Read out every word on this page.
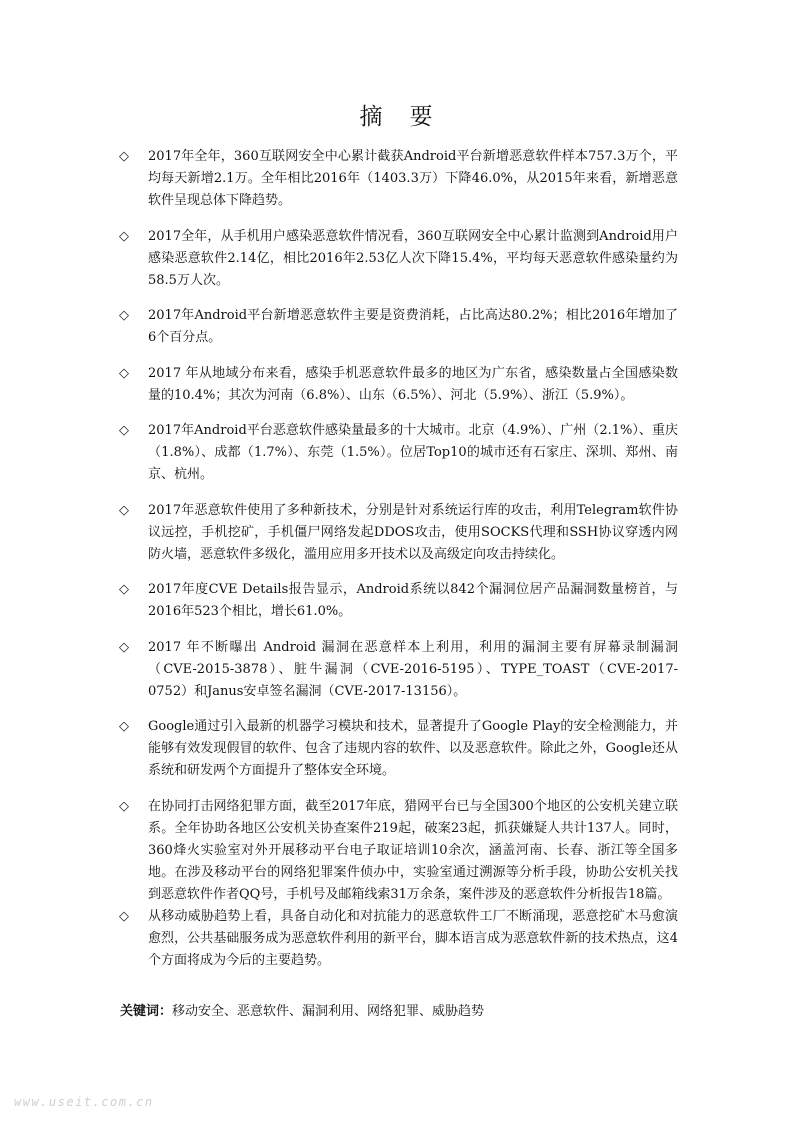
摘　要
◇	2017年全年，360互联网安全中心累计截获Android平台新增恶意软件样本757.3万个，平均每天新增2.1万。全年相比2016年（1403.3万）下降46.0%，从2015年来看，新增恶意软件呈现总体下降趋势。
◇	2017全年，从手机用户感染恶意软件情况看，360互联网安全中心累计监测到Android用户感染恶意软件2.14亿，相比2016年2.53亿人次下降15.4%，平均每天恶意软件感染量约为58.5万人次。
◇	2017年Android平台新增恶意软件主要是资费消耗，占比高达80.2%；相比2016年增加了6个百分点。
◇	2017 年从地域分布来看，感染手机恶意软件最多的地区为广东省，感染数量占全国感染数量的10.4%；其次为河南（6.8%）、山东（6.5%）、河北（5.9%）、浙江（5.9%）。
◇	2017年Android平台恶意软件感染量最多的十大城市。北京（4.9%）、广州（2.1%）、重庆（1.8%）、成都（1.7%）、东莞（1.5%）。位居Top10的城市还有石家庄、深圳、郑州、南京、杭州。
◇	2017年恶意软件使用了多种新技术，分别是针对系统运行库的攻击，利用Telegram软件协议远控，手机挖矿，手机僵尸网络发起DDOS攻击，使用SOCKS代理和SSH协议穿透内网防火墙，恶意软件多级化，滥用应用多开技术以及高级定向攻击持续化。
◇	2017年度CVE Details报告显示，Android系统以842个漏洞位居产品漏洞数量榜首，与2016年523个相比，增长61.0%。
◇	2017 年不断曝出 Android 漏洞在恶意样本上利用，利用的漏洞主要有屏幕录制漏洞（CVE-2015-3878）、脏牛漏洞（CVE-2016-5195）、TYPE_TOAST（CVE-2017-0752）和Janus安卓签名漏洞（CVE-2017-13156）。
◇	Google通过引入最新的机器学习模块和技术，显著提升了Google Play的安全检测能力，并能够有效发现假冒的软件、包含了违规内容的软件、以及恶意软件。除此之外，Google还从系统和研发两个方面提升了整体安全环境。
◇	在协同打击网络犯罪方面，截至2017年底，猎网平台已与全国300个地区的公安机关建立联系。全年协助各地区公安机关协查案件219起，破案23起，抓获嫌疑人共计137人。同时，360烽火实验室对外开展移动平台电子取证培训10余次，涵盖河南、长春、浙江等全国多地。在涉及移动平台的网络犯罪案件侦办中，实验室通过溯源等分析手段，协助公安机关找到恶意软件作者QQ号，手机号及邮箱线索31万余条，案件涉及的恶意软件分析报告18篇。
◇	从移动威胁趋势上看，具备自动化和对抗能力的恶意软件工厂不断涌现，恶意挖矿木马愈演愈烈，公共基础服务成为恶意软件利用的新平台，脚本语言成为恶意软件新的技术热点，这4个方面将成为今后的主要趋势。
关键词：移动安全、恶意软件、漏洞利用、网络犯罪、威胁趋势
www.useit.com.cn
